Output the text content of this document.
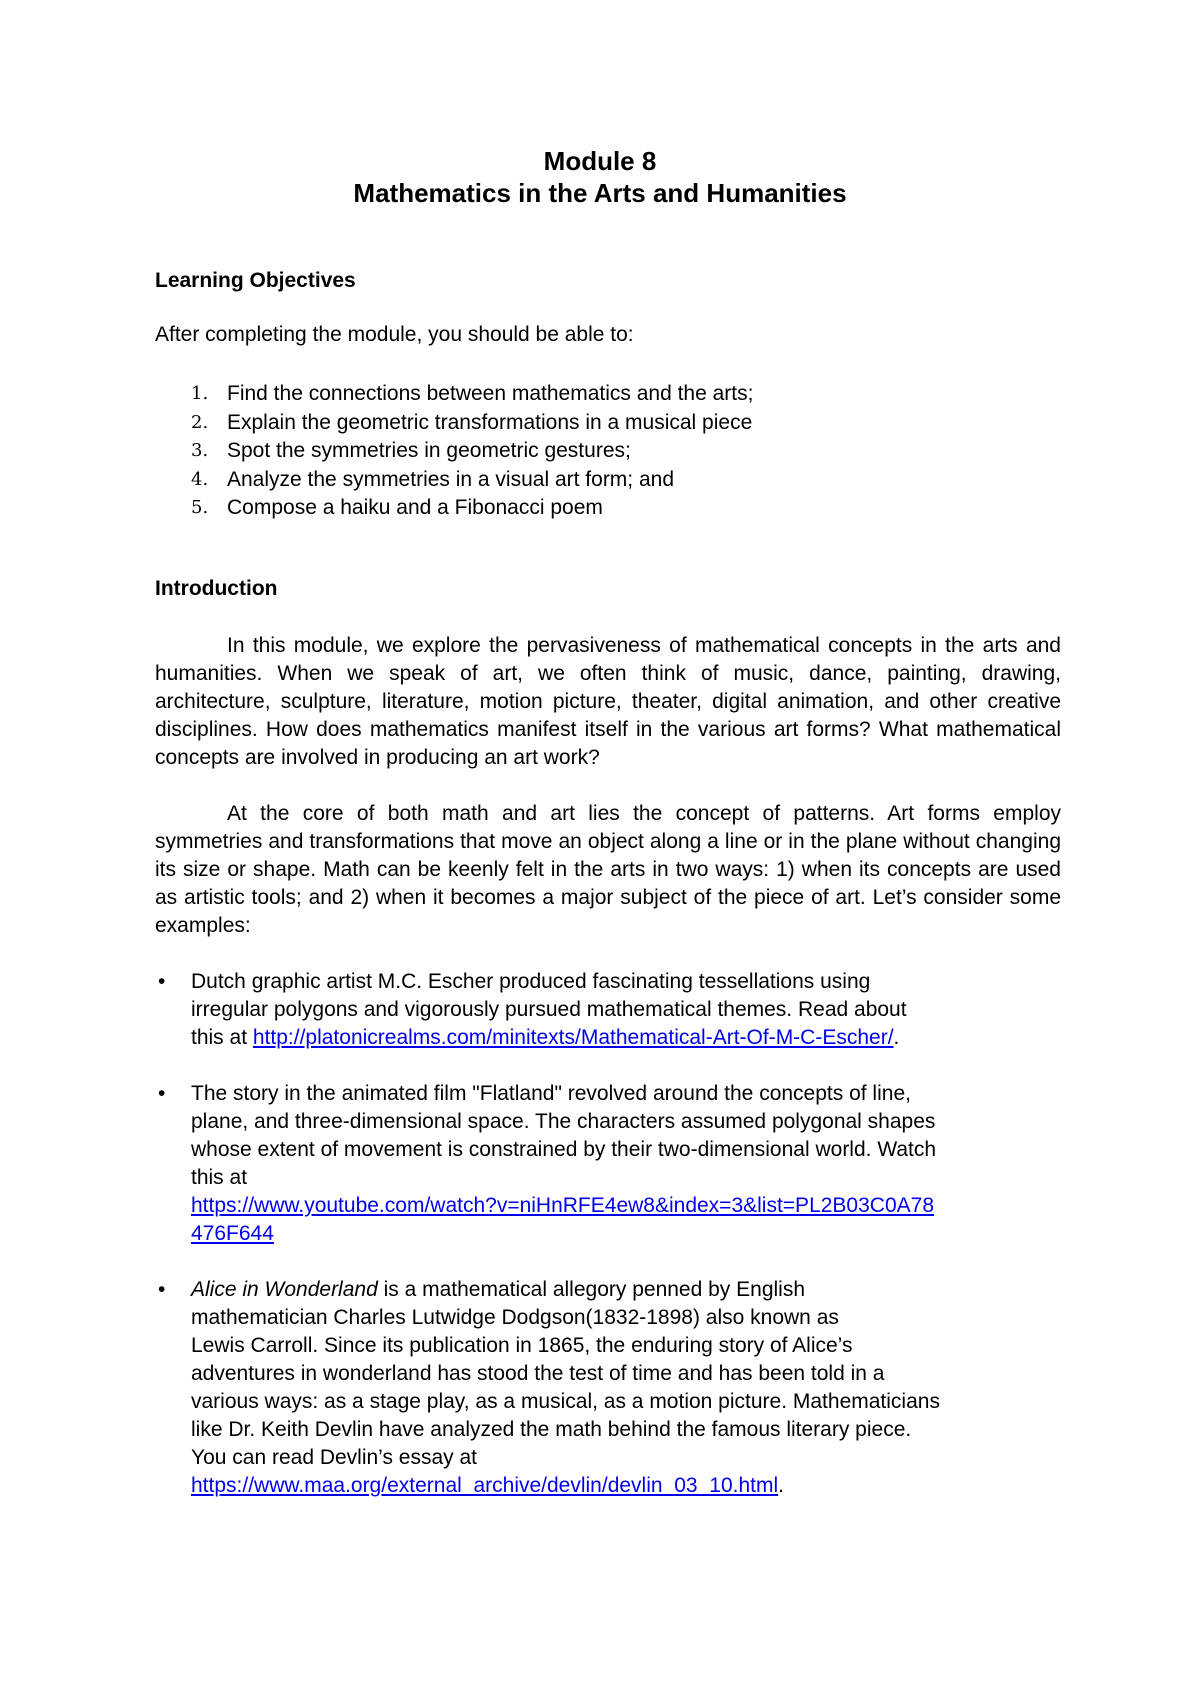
Module 8
Mathematics in the Arts and Humanities
Learning Objectives
After completing the module, you should be able to:
1. Find the connections between mathematics and the arts;
2. Explain the geometric transformations in a musical piece
3. Spot the symmetries in geometric gestures;
4. Analyze the symmetries in a visual art form; and
5. Compose a haiku and a Fibonacci poem
Introduction
In this module, we explore the pervasiveness of mathematical concepts in the arts and humanities. When we speak of art, we often think of music, dance, painting, drawing, architecture, sculpture, literature, motion picture, theater, digital animation, and other creative disciplines. How does mathematics manifest itself in the various art forms? What mathematical concepts are involved in producing an art work?
At the core of both math and art lies the concept of patterns. Art forms employ symmetries and transformations that move an object along a line or in the plane without changing its size or shape. Math can be keenly felt in the arts in two ways: 1) when its concepts are used as artistic tools; and 2) when it becomes a major subject of the piece of art. Let’s consider some examples:
• Dutch graphic artist M.C. Escher produced fascinating tessellations using
irregular polygons and vigorously pursued mathematical themes. Read about
this at http://platonicrealms.com/minitexts/Mathematical-Art-Of-M-C-Escher/.
• The story in the animated film "Flatland" revolved around the concepts of line,
plane, and three-dimensional space. The characters assumed polygonal shapes
whose extent of movement is constrained by their two-dimensional world. Watch
this at
https://www.youtube.com/watch?v=niHnRFE4ew8&index=3&list=PL2B03C0A78
476F644
• Alice in Wonderland is a mathematical allegory penned by English
mathematician Charles Lutwidge Dodgson(1832-1898) also known as
Lewis Carroll. Since its publication in 1865, the enduring story of Alice’s
adventures in wonderland has stood the test of time and has been told in a
various ways: as a stage play, as a musical, as a motion picture. Mathematicians
like Dr. Keith Devlin have analyzed the math behind the famous literary piece.
You can read Devlin’s essay at
https://www.maa.org/external_archive/devlin/devlin_03_10.html.
